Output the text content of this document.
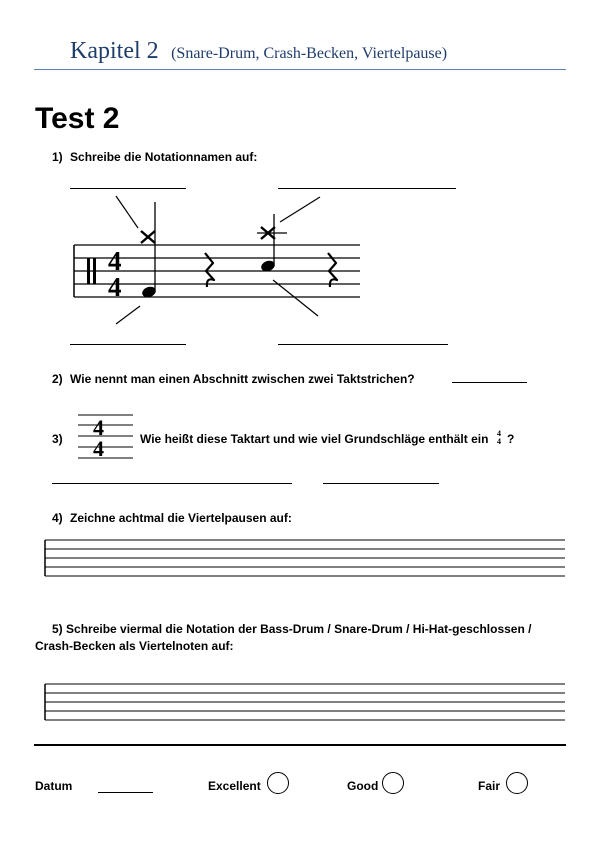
Kapitel 2 (Snare-Drum, Crash-Becken, Viertelpause)
Test 2
1) Schreibe die Notationnamen auf:
4
4
2) Wie nennt man einen Abschnitt zwischen zwei Taktstrichen?
3) 4
4
4
4
Wie heißt diese Taktart und wie viel Grundschläge enthält ein ?
4) Zeichne achtmal die Viertelpausen auf:
5) Schreibe viermal die Notation der Bass-Drum / Snare-Drum / Hi-Hat-geschlossen /
Crash-Becken als Viertelnoten auf:
Datum	Excellent	Good	Fair
